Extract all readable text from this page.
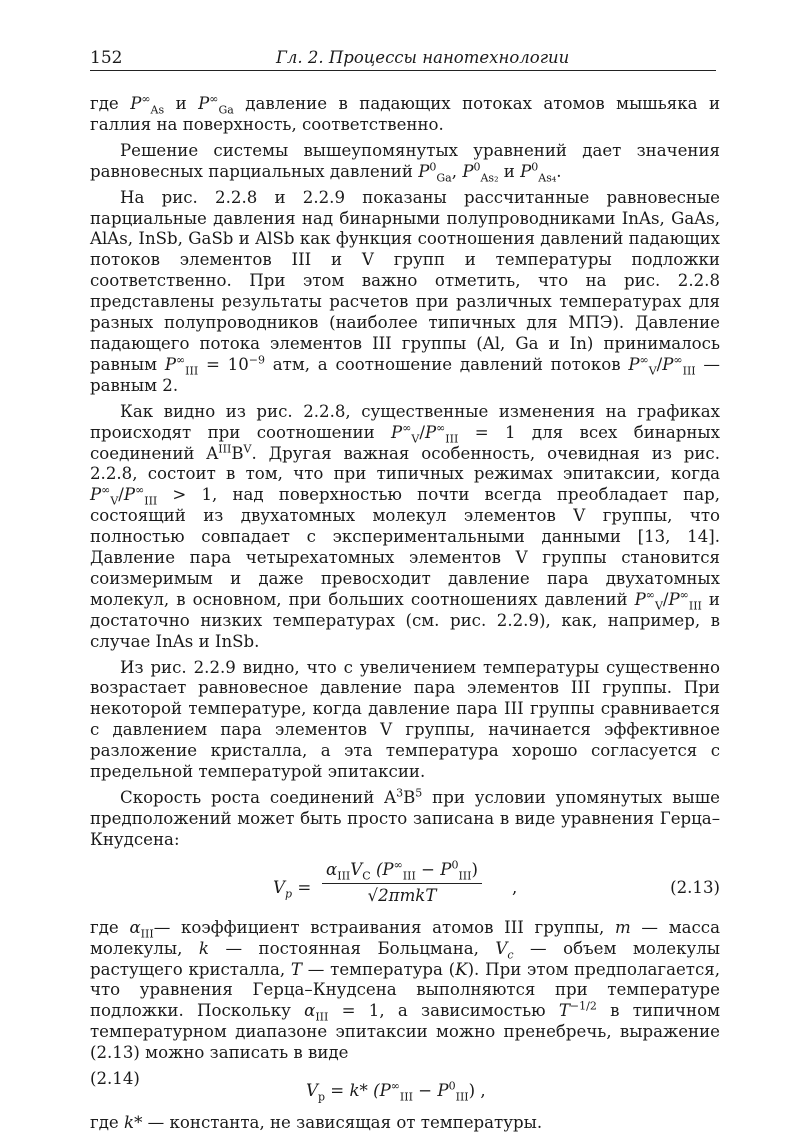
152	Гл. 2. Процессы нанотехнологии

где $P^\infty_{As}$ и $P^\infty_{Ga}$ давление в падающих потоках атомов мышьяка и галлия на поверхность, соответственно.

Решение системы вышеупомянутых уравнений дает значения равновесных парциальных давлений $P^0_{Ga}$, $P^0_{As_2}$ и $P^0_{As_4}$.

На рис. 2.2.8 и 2.2.9 показаны рассчитанные равновесные парциальные давления над бинарными полупроводниками InAs, GaAs, AlAs, InSb, GaSb и AlSb как функция соотношения давлений падающих потоков элементов III и V групп и температуры подложки соответственно. При этом важно отметить, что на рис. 2.2.8 представлены результаты расчетов при различных температурах для разных полупроводников (наиболее типичных для МПЭ). Давление падающего потока элементов III группы (Al, Ga и In) принималось равным $P^\infty_{III} = 10^{-9}$ атм, а соотношение давлений потоков $P^\infty_V/P^\infty_{III}$ — равным 2.

Как видно из рис. 2.2.8, существенные изменения на графиках происходят при соотношении $P^\infty_V/P^\infty_{III} = 1$ для всех бинарных соединений $A^{III}B^V$. Другая важная особенность, очевидная из рис. 2.2.8, состоит в том, что при типичных режимах эпитаксии, когда $P^\infty_V/P^\infty_{III} > 1$, над поверхностью почти всегда преобладает пар, состоящий из двухатомных молекул элементов V группы, что полностью совпадает с экспериментальными данными [13, 14]. Давление пара четырехатомных элементов V группы становится соизмеримым и даже превосходит давление пара двухатомных молекул, в основном, при больших соотношениях давлений $P^\infty_V/P^\infty_{III}$ и достаточно низких температурах (см. рис. 2.2.9), как, например, в случае InAs и InSb.

Из рис. 2.2.9 видно, что с увеличением температуры существенно возрастает равновесное давление пара элементов III группы. При некоторой температуре, когда давление пара III группы сравнивается с давлением пара элементов V группы, начинается эффективное разложение кристалла, а эта температура хорошо согласуется с предельной температурой эпитаксии.

Скорость роста соединений $A^3B^5$ при условии упомянутых выше предположений может быть просто записана в виде уравнения Герца–Кнудсена:

$V_p$ =
$\alpha_{III}V_C$ $(P^\infty_{III} - P^0_{III})$
√2πmkT	,	(2.13)

где $\alpha_{III}—$ коэффициент встраивания атомов III группы, m — масса молекулы, k — постоянная Больцмана, $V_c$ — объем молекулы растущего кристалла, T — температура (K). При этом предполагается, что уравнения Герца–Кнудсена выполняются при температуре подложки. Поскольку $\alpha_{III} = 1$, а зависимостью $T^{-1/2}$ в типичном температурном диапазоне эпитаксии можно пренебречь, выражение (2.13) можно записать в виде

$V_p = k*$ $(P^\infty_{III} - P^0_{III})$ ,
(2.14)

где k* — константа, не зависящая от температуры.
